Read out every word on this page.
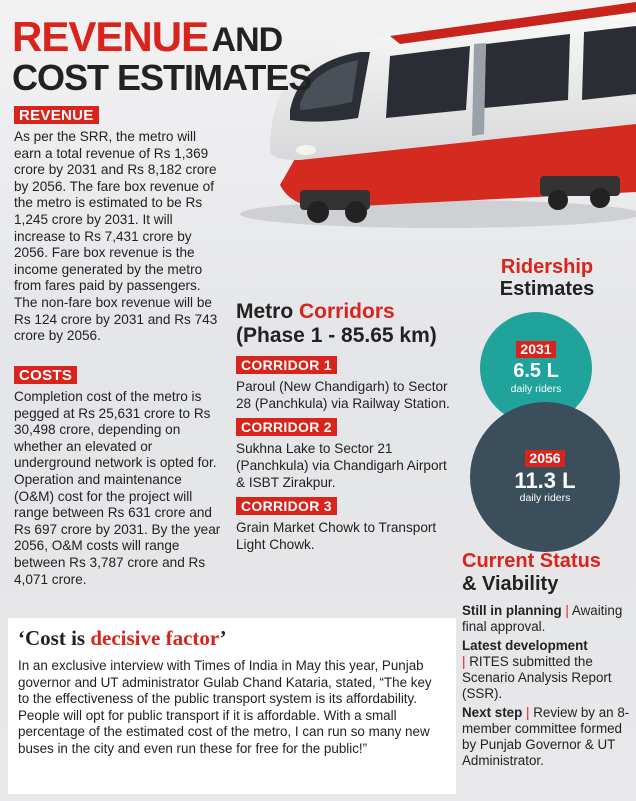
REVENUE AND
COST ESTIMATES
REVENUE

As per the SRR, the metro will earn a total revenue of Rs 1,369 crore by 2031 and Rs 8,182 crore by 2056. The fare box revenue of the metro is estimated to be Rs 1,245 crore by 2031. It will increase to Rs 7,431 crore by 2056. Fare box revenue is the income generated by the metro from fares paid by passengers. The non-fare box revenue will be Rs 124 crore by 2031 and Rs 743 crore by 2056.

COSTS

Completion cost of the metro is pegged at Rs 25,631 crore to Rs 30,498 crore, depending on whether an elevated or underground network is opted for. Operation and maintenance (O&M) cost for the project will range between Rs 631 crore and Rs 697 crore by 2031. By the year 2056, O&M costs will range between Rs 3,787 crore and Rs 4,071 crore.

Metro Corridors
(Phase 1 - 85.65 km)
CORRIDOR 1

Paroul (New Chandigarh) to Sector 28 (Panchkula) via Railway Station.

CORRIDOR 2

Sukhna Lake to Sector 21 (Panchkula) via Chandigarh Airport & ISBT Zirakpur.

CORRIDOR 3

Grain Market Chowk to Transport Light Chowk.

Ridership
Estimates
2031
6.5 L
daily riders
2056
11.3 L
daily riders
Current Status
& Viability

Still in planning | Awaiting final approval.

Latest development
| RITES submitted the Scenario Analysis Report (SSR).

Next step | Review by an 8-member committee formed by Punjab Governor & UT Administrator.

‘Cost is decisive factor’

In an exclusive interview with Times of India in May this year, Punjab governor and UT administrator Gulab Chand Kataria, stated, “The key to the effectiveness of the public transport system is its affordability. People will opt for public transport if it is affordable. With a small percentage of the estimated cost of the metro, I can run so many new buses in the city and even run these for free for the public!”
